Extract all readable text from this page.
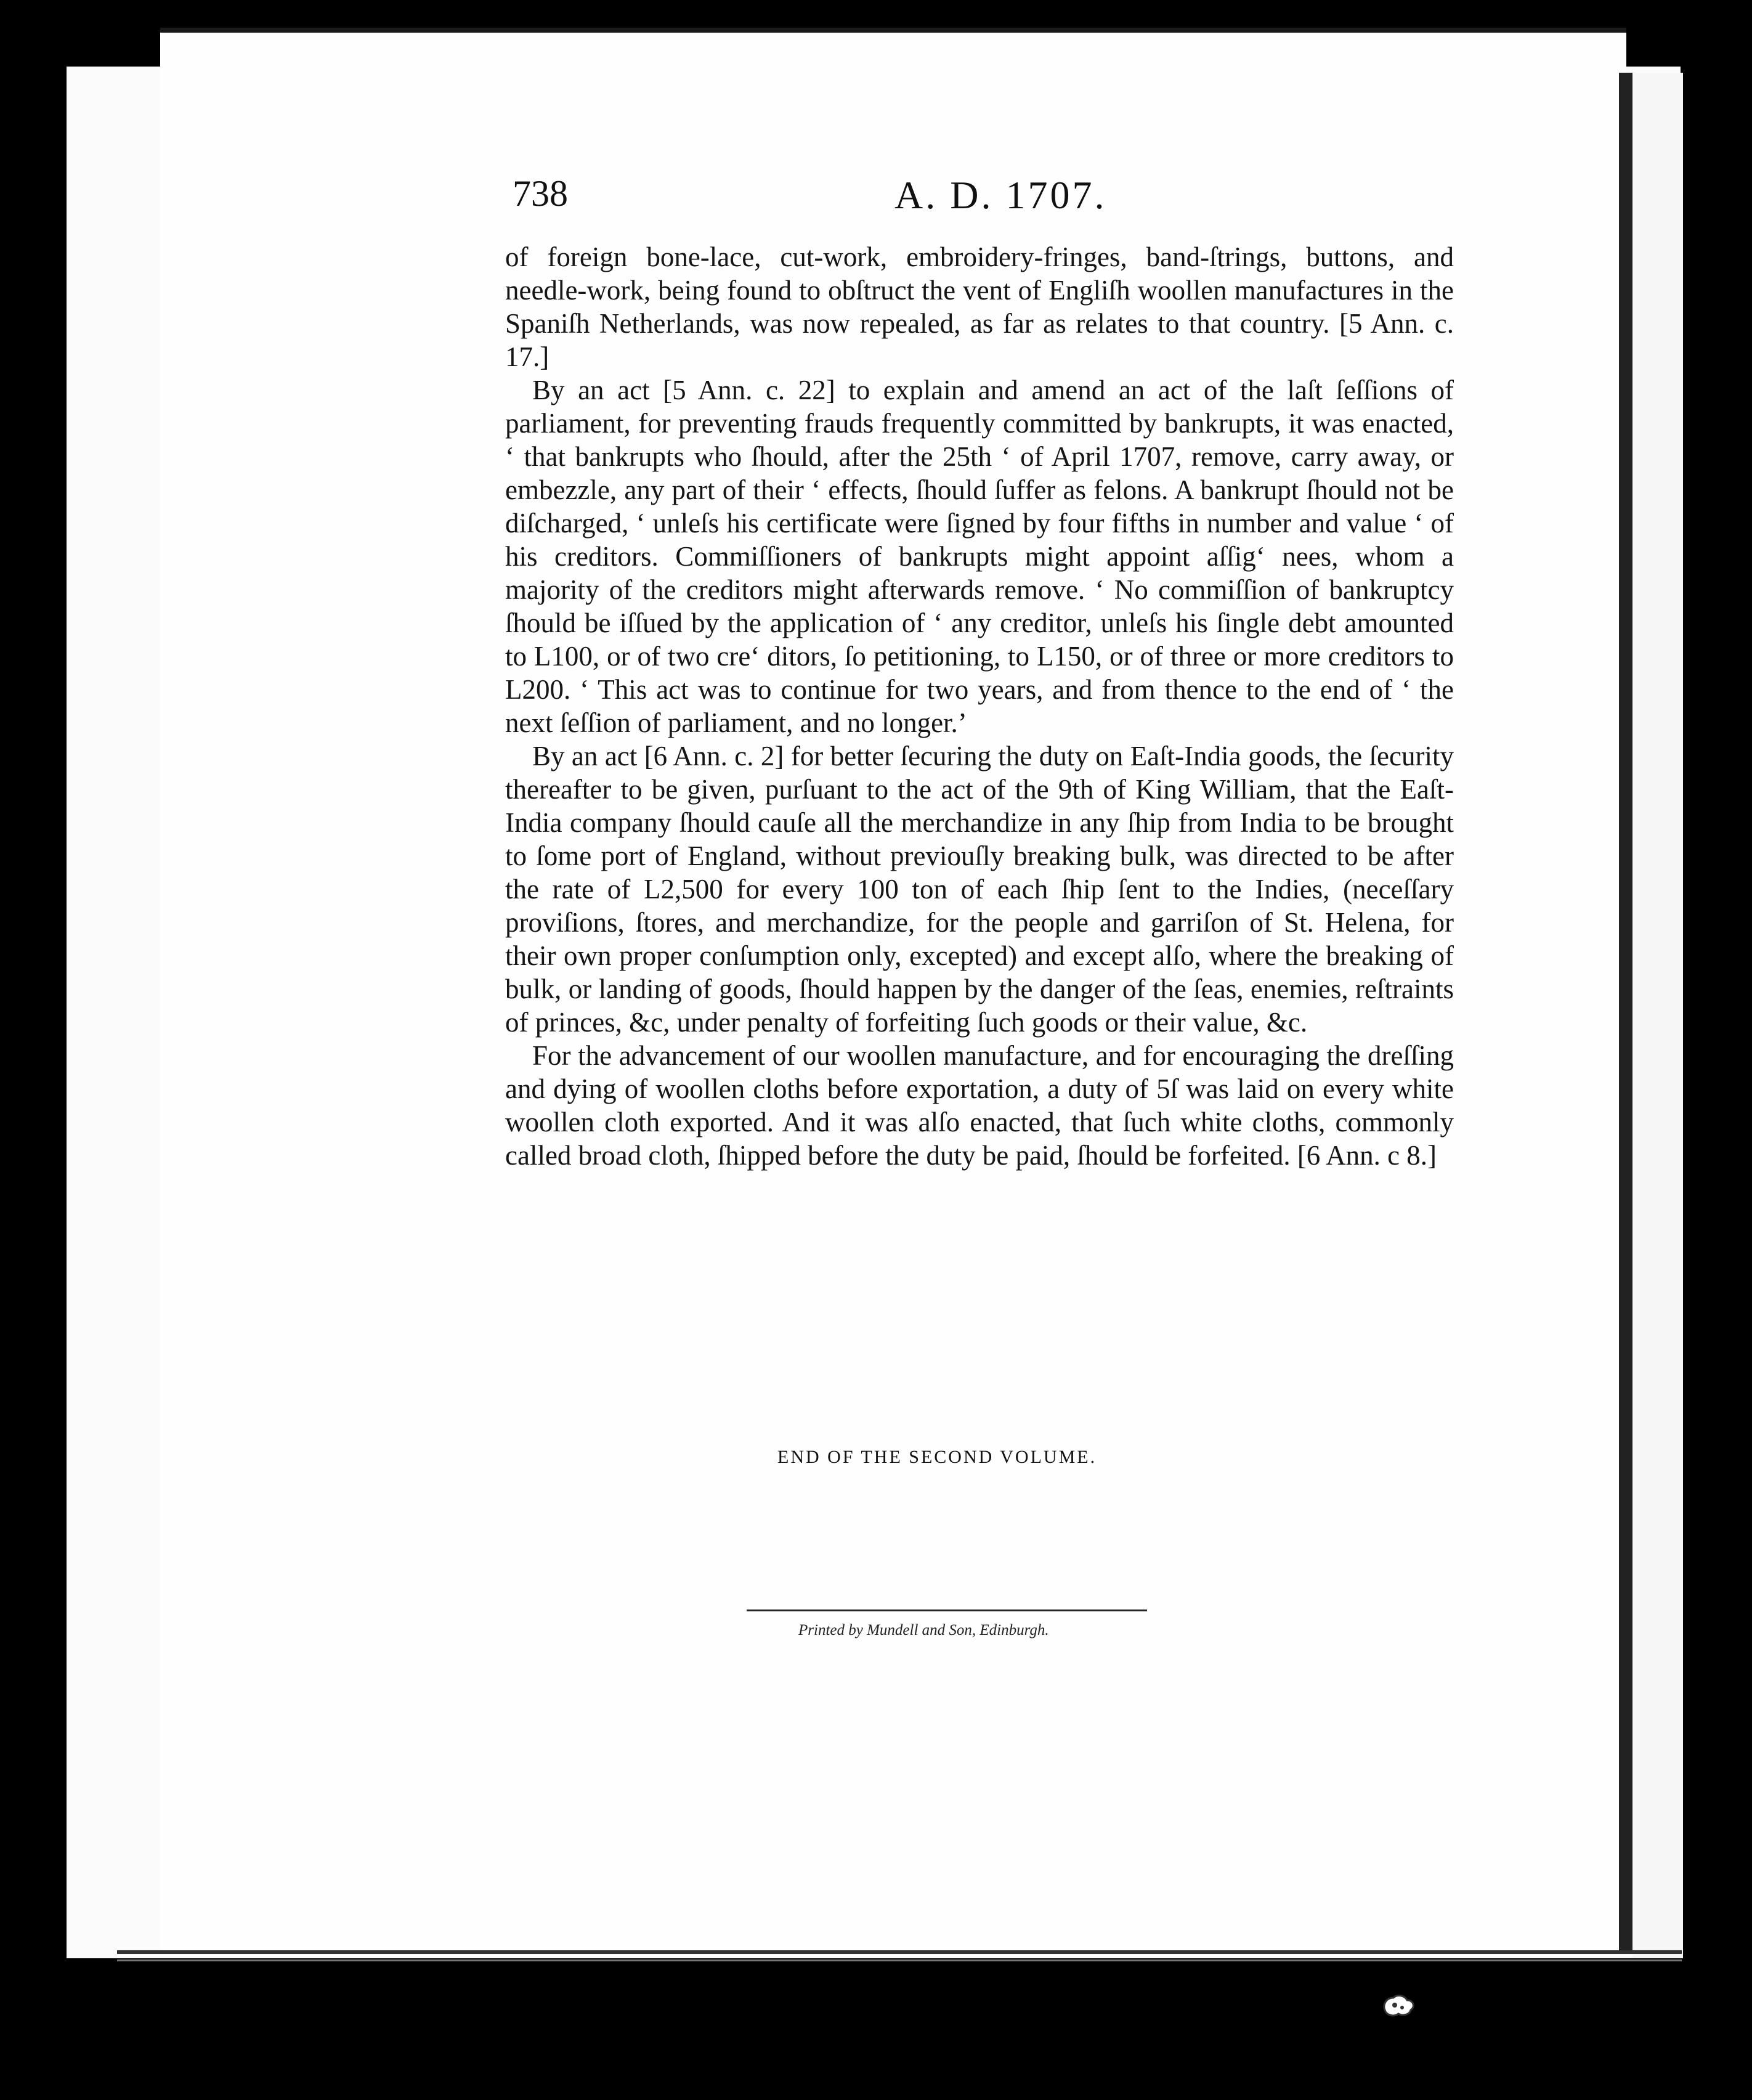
738	A. D. 1707.

of foreign bone-lace, cut-work, embroidery-fringes, band-ſtrings, buttons, and needle-work, being found to obſtruct the vent of Engliſh woollen manufactures in the Spaniſh Netherlands, was now repealed, as far as relates to that country. [5 Ann. c. 17.]

By an act [5 Ann. c. 22] to explain and amend an act of the laſt ſeſſions of parliament, for preventing frauds frequently committed by bankrupts, it was enacted, ‘ that bankrupts who ſhould, after the 25th ‘ of April 1707, remove, carry away, or embezzle, any part of their ‘ effects, ſhould ſuffer as felons. A bankrupt ſhould not be diſcharged, ‘ unleſs his certificate were ſigned by four fifths in number and value ‘ of his creditors. Commiſſioners of bankrupts might appoint aſſig‘ nees, whom a majority of the creditors might afterwards remove. ‘ No commiſſion of bankruptcy ſhould be iſſued by the application of ‘ any creditor, unleſs his ſingle debt amounted to L100, or of two cre‘ ditors, ſo petitioning, to L150, or of three or more creditors to L200. ‘ This act was to continue for two years, and from thence to the end of ‘ the next ſeſſion of parliament, and no longer.’

By an act [6 Ann. c. 2] for better ſecuring the duty on Eaſt-India goods, the ſecurity thereafter to be given, purſuant to the act of the 9th of King William, that the Eaſt-India company ſhould cauſe all the merchandize in any ſhip from India to be brought to ſome port of England, without previouſly breaking bulk, was directed to be after the rate of L2,500 for every 100 ton of each ſhip ſent to the Indies, (neceſſary proviſions, ſtores, and merchandize, for the people and garriſon of St. Helena, for their own proper conſumption only, excepted) and except alſo, where the breaking of bulk, or landing of goods, ſhould happen by the danger of the ſeas, enemies, reſtraints of princes, &c, under penalty of forfeiting ſuch goods or their value, &c.

For the advancement of our woollen manufacture, and for encouraging the dreſſing and dying of woollen cloths before exportation, a duty of 5ſ was laid on every white woollen cloth exported. And it was alſo enacted, that ſuch white cloths, commonly called broad cloth, ſhipped before the duty be paid, ſhould be forfeited. [6 Ann. c 8.]

END OF THE SECOND VOLUME.
Printed by Mundell and Son, Edinburgh.
